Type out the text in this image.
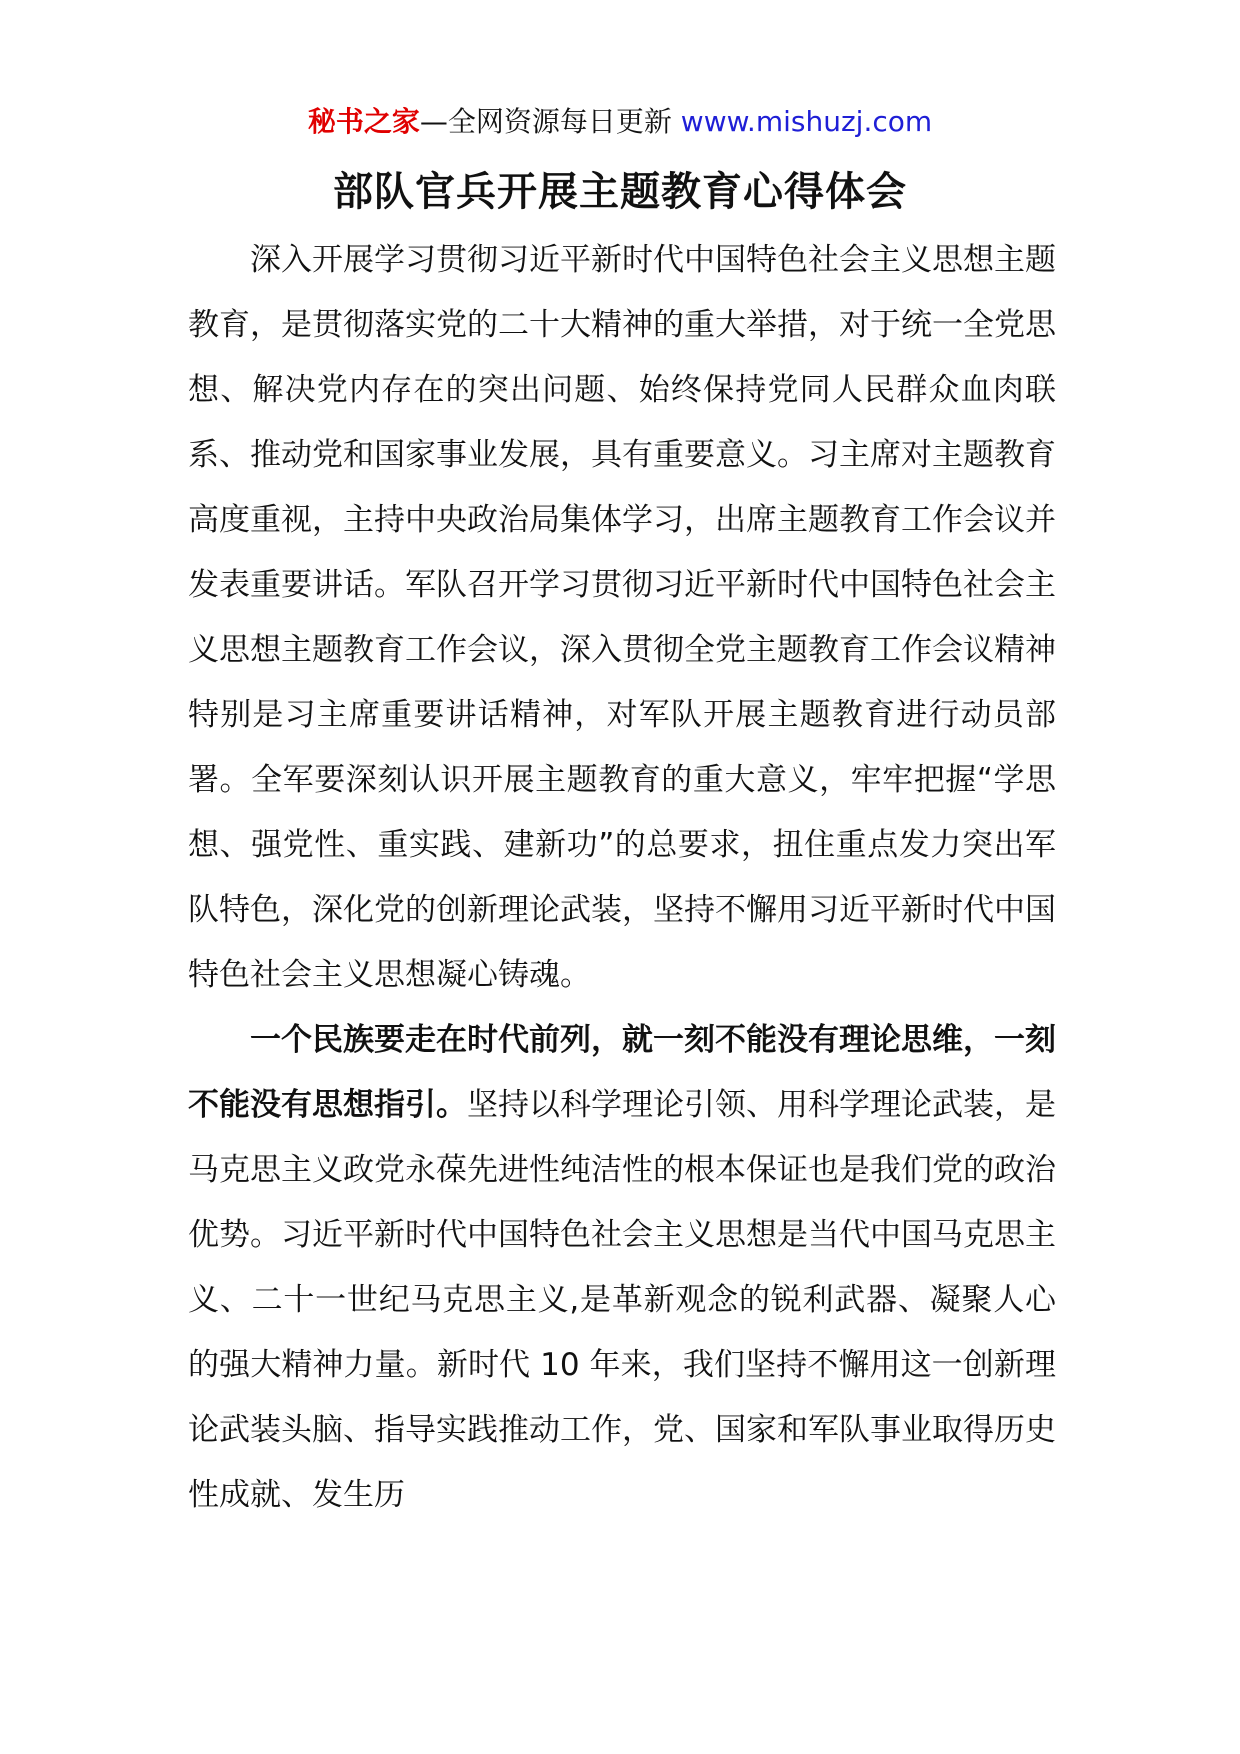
秘书之家—全网资源每日更新 www.mishuzj.com
部队官兵开展主题教育心得体会

深入开展学习贯彻习近平新时代中国特色社会主义思想主题教育，是贯彻落实党的二十大精神的重大举措，对于统一全党思想、解决党内存在的突出问题、始终保持党同人民群众血肉联系、推动党和国家事业发展，具有重要意义。习主席对主题教育高度重视，主持中央政治局集体学习，出席主题教育工作会议并发表重要讲话。军队召开学习贯彻习近平新时代中国特色社会主义思想主题教育工作会议，深入贯彻全党主题教育工作会议精神特别是习主席重要讲话精神，对军队开展主题教育进行动员部署。全军要深刻认识开展主题教育的重大意义，牢牢把握“学思想、强党性、重实践、建新功”的总要求，扭住重点发力突出军队特色，深化党的创新理论武装，坚持不懈用习近平新时代中国特色社会主义思想凝心铸魂。

一个民族要走在时代前列，就一刻不能没有理论思维，一刻不能没有思想指引。坚持以科学理论引领、用科学理论武装，是马克思主义政党永葆先进性纯洁性的根本保证也是我们党的政治优势。习近平新时代中国特色社会主义思想是当代中国马克思主义、二十一世纪马克思主义,是革新观念的锐利武器、凝聚人心的强大精神力量。新时代 10 年来，我们坚持不懈用这一创新理论武装头脑、指导实践推动工作，党、国家和军队事业取得历史性成就、发生历
